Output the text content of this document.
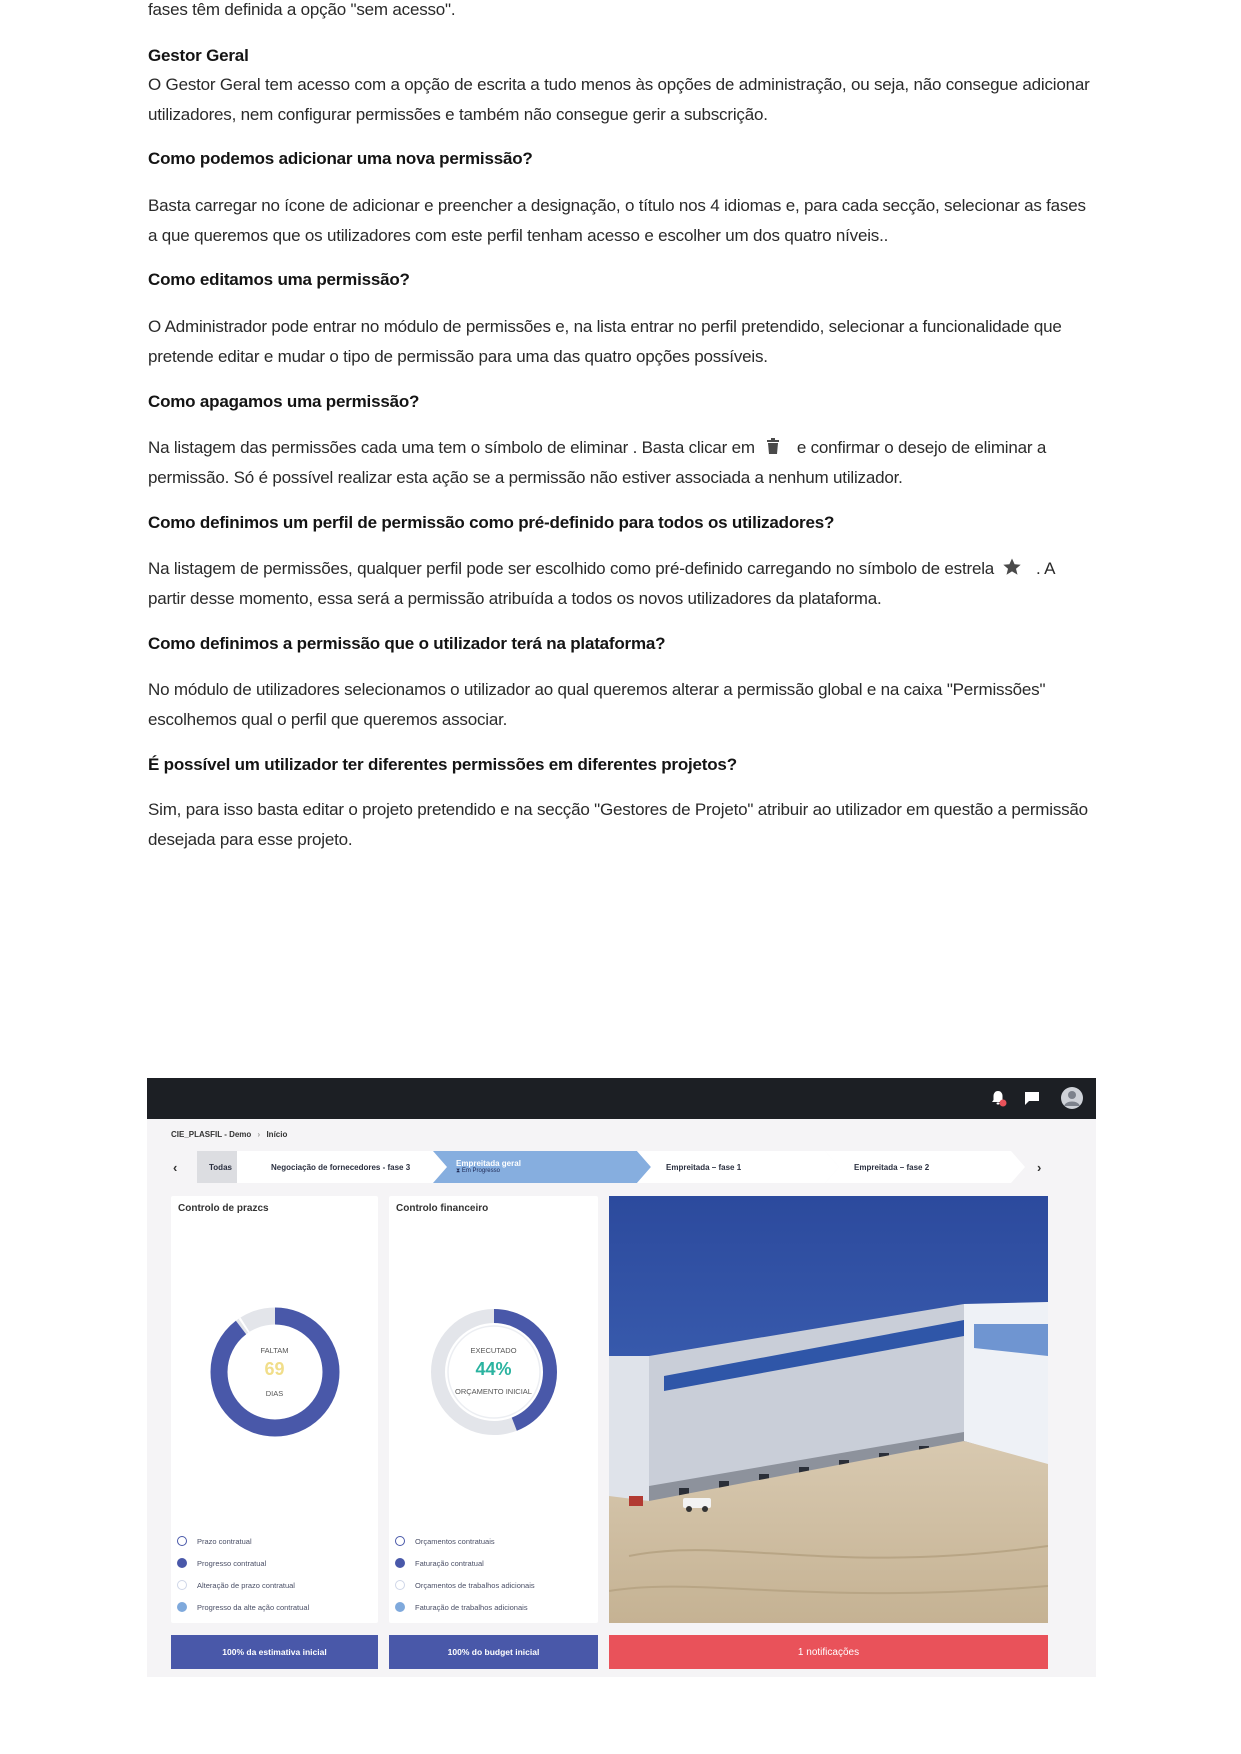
fases têm definida a opção "sem acesso".

Gestor Geral

O Gestor Geral tem acesso com a opção de escrita a tudo menos às opções de administração, ou seja, não consegue adicionar utilizadores, nem configurar permissões e também não consegue gerir a subscrição.

Como podemos adicionar uma nova permissão?

Basta carregar no ícone de adicionar e preencher a designação, o título nos 4 idiomas e, para cada secção, selecionar as fases a que queremos que os utilizadores com este perfil tenham acesso e escolher um dos quatro níveis..

Como editamos uma permissão?

O Administrador pode entrar no módulo de permissões e, na lista entrar no perfil pretendido, selecionar a funcionalidade que pretende editar e mudar o tipo de permissão para uma das quatro opções possíveis.

Como apagamos uma permissão?

Na listagem das permissões cada uma tem o símbolo de eliminar . Basta clicar em e confirmar o desejo de eliminar a permissão. Só é possível realizar esta ação se a permissão não estiver associada a nenhum utilizador.

Como definimos um perfil de permissão como pré-definido para todos os utilizadores?

Na listagem de permissões, qualquer perfil pode ser escolhido como pré-definido carregando no símbolo de estrela . A partir desse momento, essa será a permissão atribuída a todos os novos utilizadores da plataforma.

Como definimos a permissão que o utilizador terá na plataforma?

No módulo de utilizadores selecionamos o utilizador ao qual queremos alterar a permissão global e na caixa "Permissões" escolhemos qual o perfil que queremos associar.

É possível um utilizador ter diferentes permissões em diferentes projetos?

Sim, para isso basta editar o projeto pretendido e na secção "Gestores de Projeto" atribuir ao utilizador em questão a permissão desejada para esse projeto.

CIE_PLASFIL - Demo › Início
‹	Todas	Negociação de fornecedores - fase 3	Empreitada geral
⧗ Em Progresso	Empreitada – fase 1	Empreitada – fase 2	›
Controlo de prazcs
FALTAM
69
DIAS
Prazo contratual
Progresso contratual
Alteração de prazo contratual
Progresso da alte ação contratual
Controlo financeiro
EXECUTADO
44%
ORÇAMENTO INICIAL
Orçamentos contratuais
Faturação contratual
Orçamentos de trabalhos adicionais
Faturação de trabalhos adicionais
100% da estimativa inicial	100% do budget inicial	1 notificações
